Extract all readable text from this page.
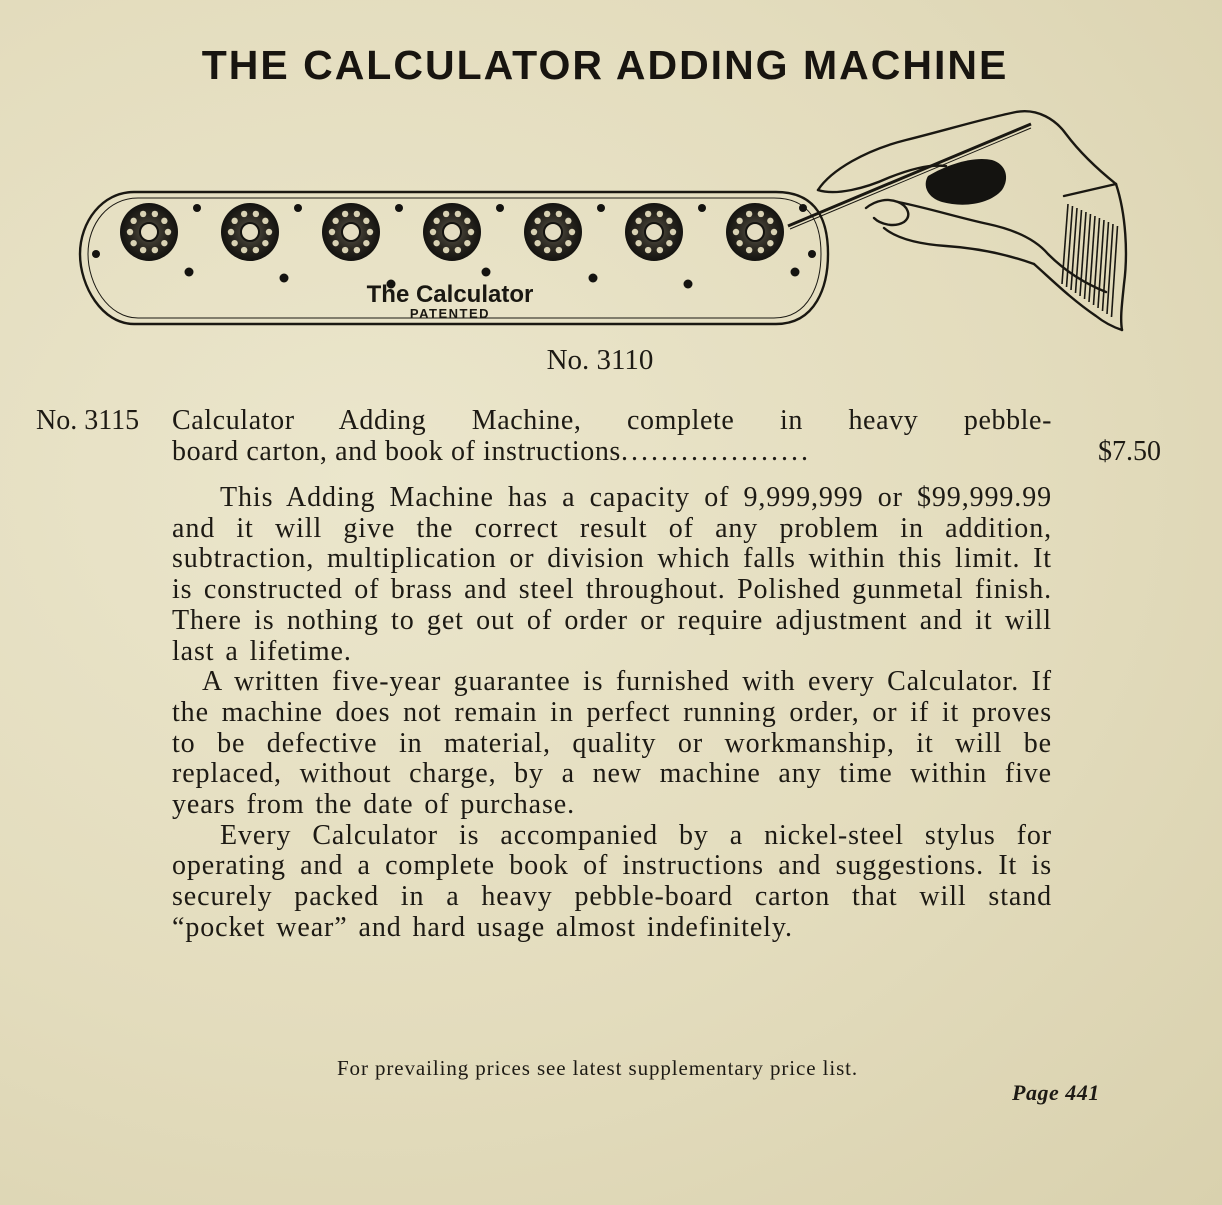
THE CALCULATOR ADDING MACHINE
The Calculator
PATENTED

No. 3110

No. 3115 Calculator Adding Machine, complete in heavy pebble-
board carton, and book of instructions...................	$7.50

This Adding Machine has a capacity of 9,999,999 or $99,999.99 and it will give the correct result of any problem in addition, subtraction, multiplication or division which falls within this limit. It is constructed of brass and steel throughout. Polished gunmetal finish. There is nothing to get out of order or require adjustment and it will last a lifetime.

A written five-year guarantee is furnished with every Calculator. If the machine does not remain in perfect running order, or if it proves to be defective in material, quality or workmanship, it will be replaced, without charge, by a new machine any time within five years from the date of purchase.

Every Calculator is accompanied by a nickel-steel stylus for operating and a complete book of instructions and suggestions. It is securely packed in a heavy pebble-board carton that will stand “pocket wear” and hard usage almost indefinitely.

For prevailing prices see latest supplementary price list.

Page 441
